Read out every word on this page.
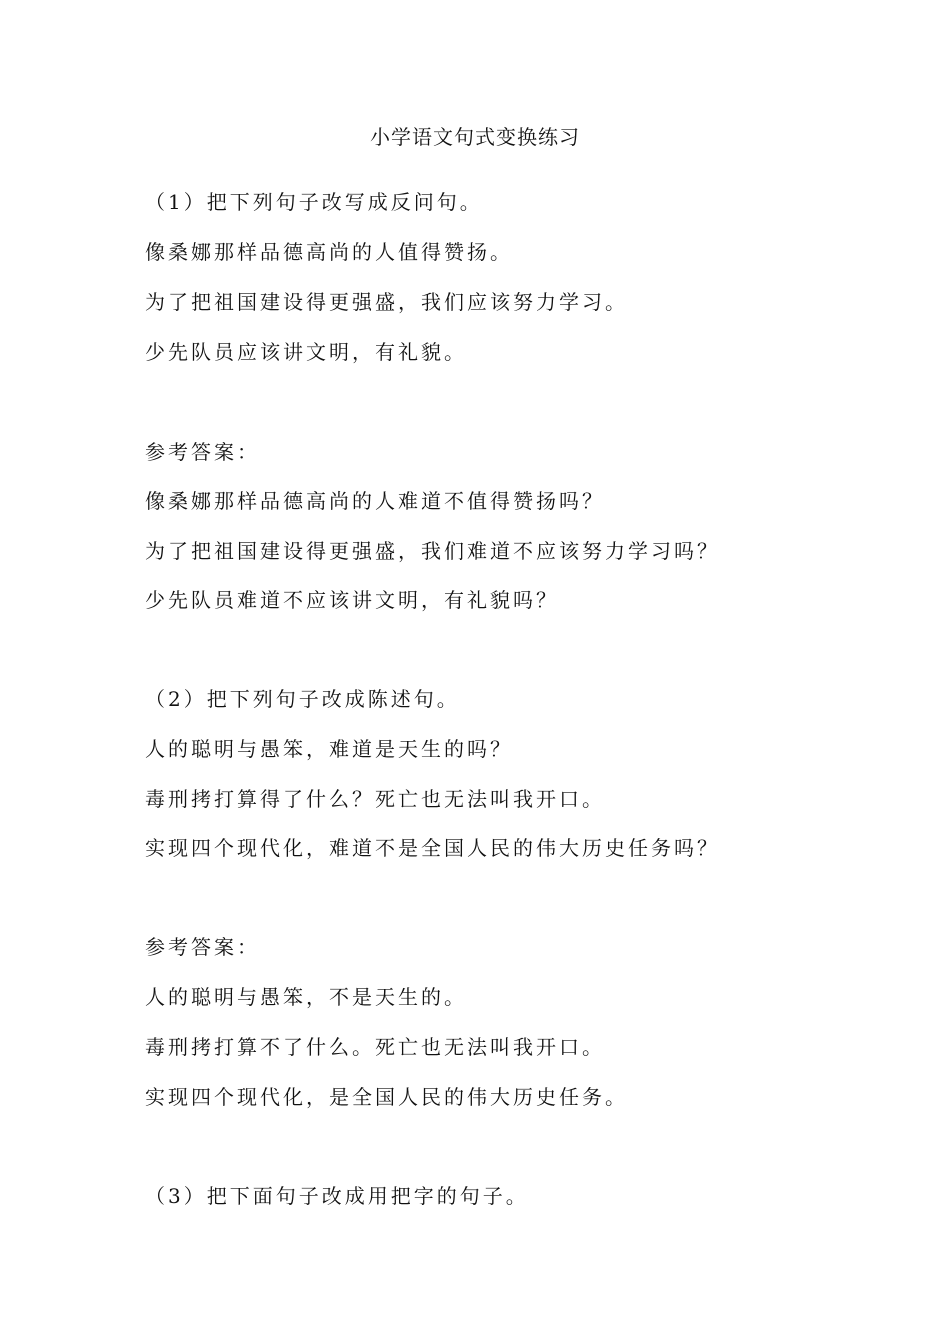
小学语文句式变换练习
（1）把下列句子改写成反问句。
像桑娜那样品德高尚的人值得赞扬。
为了把祖国建设得更强盛，我们应该努力学习。
少先队员应该讲文明，有礼貌。
参考答案：
像桑娜那样品德高尚的人难道不值得赞扬吗？
为了把祖国建设得更强盛，我们难道不应该努力学习吗？
少先队员难道不应该讲文明，有礼貌吗？
（2）把下列句子改成陈述句。
人的聪明与愚笨，难道是天生的吗？
毒刑拷打算得了什么？死亡也无法叫我开口。
实现四个现代化，难道不是全国人民的伟大历史任务吗？
参考答案：
人的聪明与愚笨，不是天生的。
毒刑拷打算不了什么。死亡也无法叫我开口。
实现四个现代化，是全国人民的伟大历史任务。
（3）把下面句子改成用把字的句子。
